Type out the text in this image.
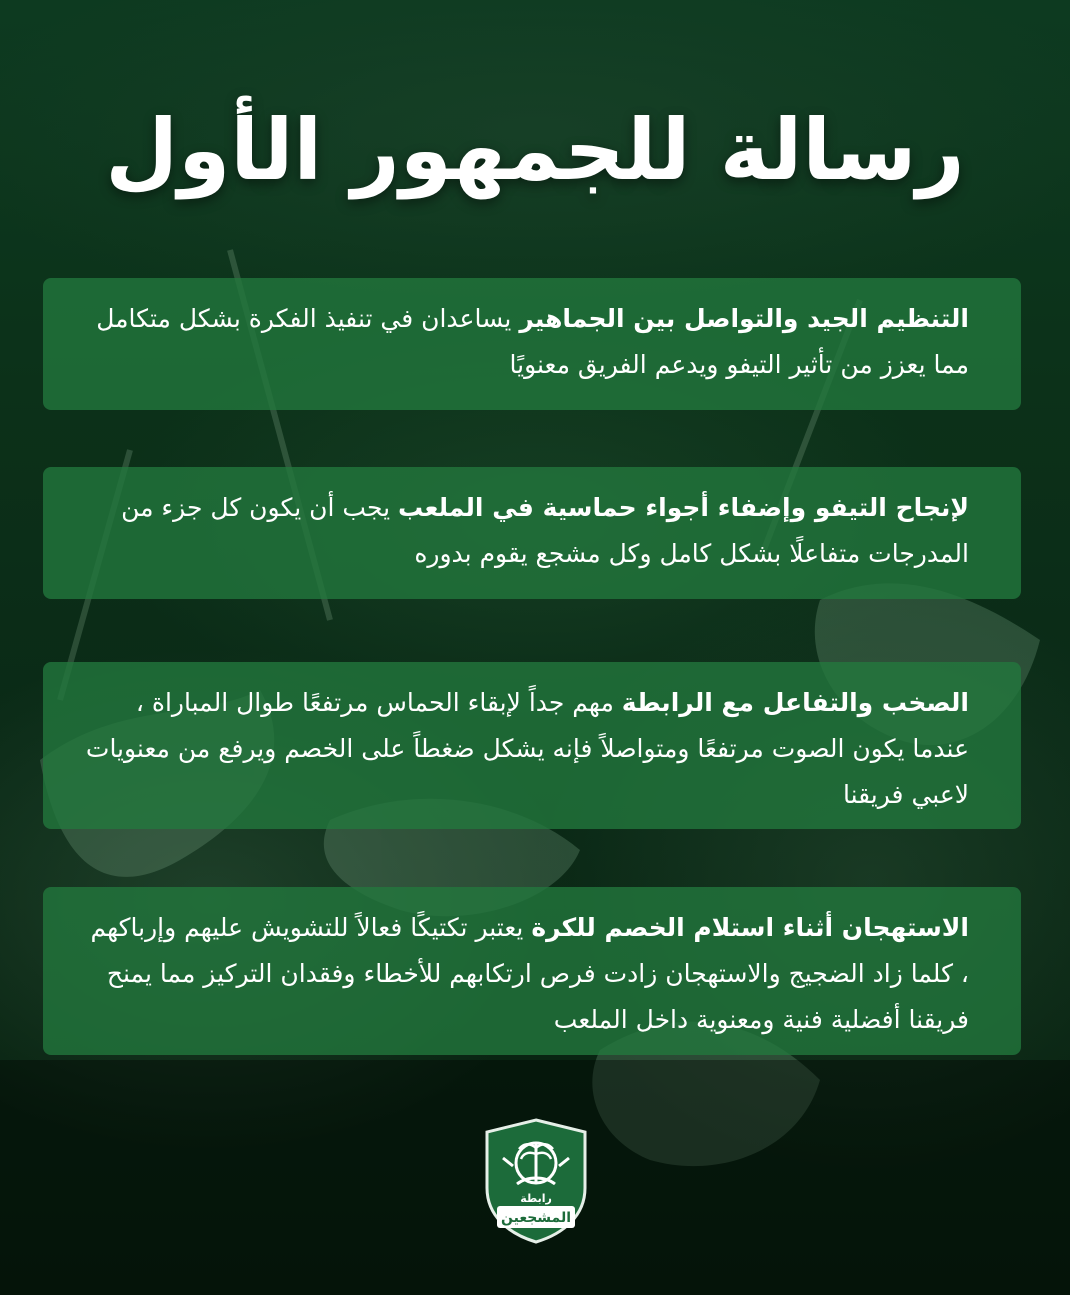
رسالة للجمهور الأول
التنظيم الجيد والتواصل بين الجماهير يساعدان في تنفيذ الفكرة بشكل متكامل مما يعزز من تأثير التيفو ويدعم الفريق معنويًا
لإنجاح التيفو وإضفاء أجواء حماسية في الملعب يجب أن يكون كل جزء من المدرجات متفاعلًا بشكل كامل وكل مشجع يقوم بدوره
الصخب والتفاعل مع الرابطة مهم جداً لإبقاء الحماس مرتفعًا طوال المباراة ، عندما يكون الصوت مرتفعًا ومتواصلاً فإنه يشكل ضغطاً على الخصم ويرفع من معنويات لاعبي فريقنا
الاستهجان أثناء استلام الخصم للكرة يعتبر تكتيكًا فعالاً للتشويش عليهم وإرباكهم ، كلما زاد الضجيج والاستهجان زادت فرص ارتكابهم للأخطاء وفقدان التركيز مما يمنح فريقنا أفضلية فنية ومعنوية داخل الملعب
رابطة
المشجعين
